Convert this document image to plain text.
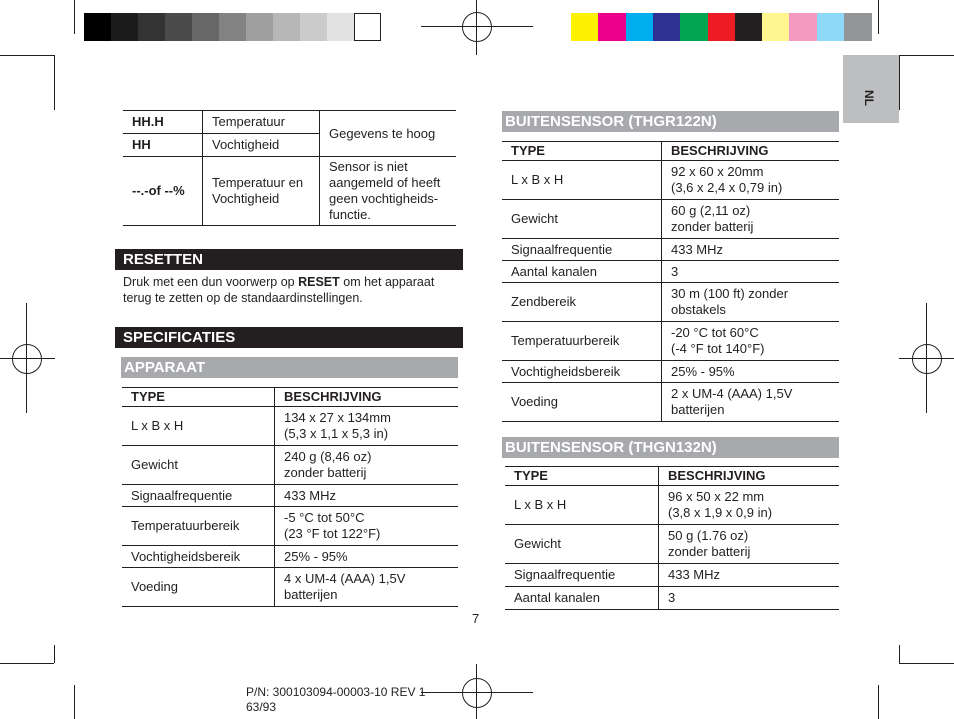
NL
HH.H	Temperatuur	Gegevens te hoog
HH	Vochtigheid	
--.-of --%	Temperatuur en Vochtigheid	Sensor is niet aangemeld of heeft geen vochtigheids-functie.
RESETTEN
Druk met een dun voorwerp op RESET om het apparaat terug te zetten op de standaardinstellingen.
SPECIFICATIES
APPARAAT
TYPE	BESCHRIJVING
L x B x H	134 x 27 x 134mm
(5,3 x 1,1 x 5,3 in)

Gewicht	240 g (8,46 oz)
zonder batterij

Signaalfrequentie	433 MHz

Temperatuurbereik	-5 °C tot 50°C
(23 °F tot 122°F)

Vochtigheidsbereik	25% - 95%

Voeding	4 x UM-4 (AAA) 1,5V
batterijen
BUITENSENSOR (THGR122N)
TYPE	BESCHRIJVING
L x B x H	92 x 60 x 20mm
(3,6 x 2,4 x 0,79 in)

Gewicht	60 g (2,11 oz)
zonder batterij

Signaalfrequentie	433 MHz

Aantal kanalen	3

Zendbereik	30 m (100 ft) zonder
obstakels

Temperatuurbereik	-20 °C tot 60°C
(-4 °F tot 140°F)

Vochtigheidsbereik	25% - 95%

Voeding	2 x UM-4 (AAA) 1,5V
batterijen
BUITENSENSOR (THGN132N)
TYPE	BESCHRIJVING
L x B x H	96 x 50 x 22 mm
(3,8 x 1,9 x 0,9 in)

Gewicht	50 g (1.76 oz)
zonder batterij

Signaalfrequentie	433 MHz

Aantal kanalen	3
7
P/N: 300103094-00003-10 REV 1
63/93
